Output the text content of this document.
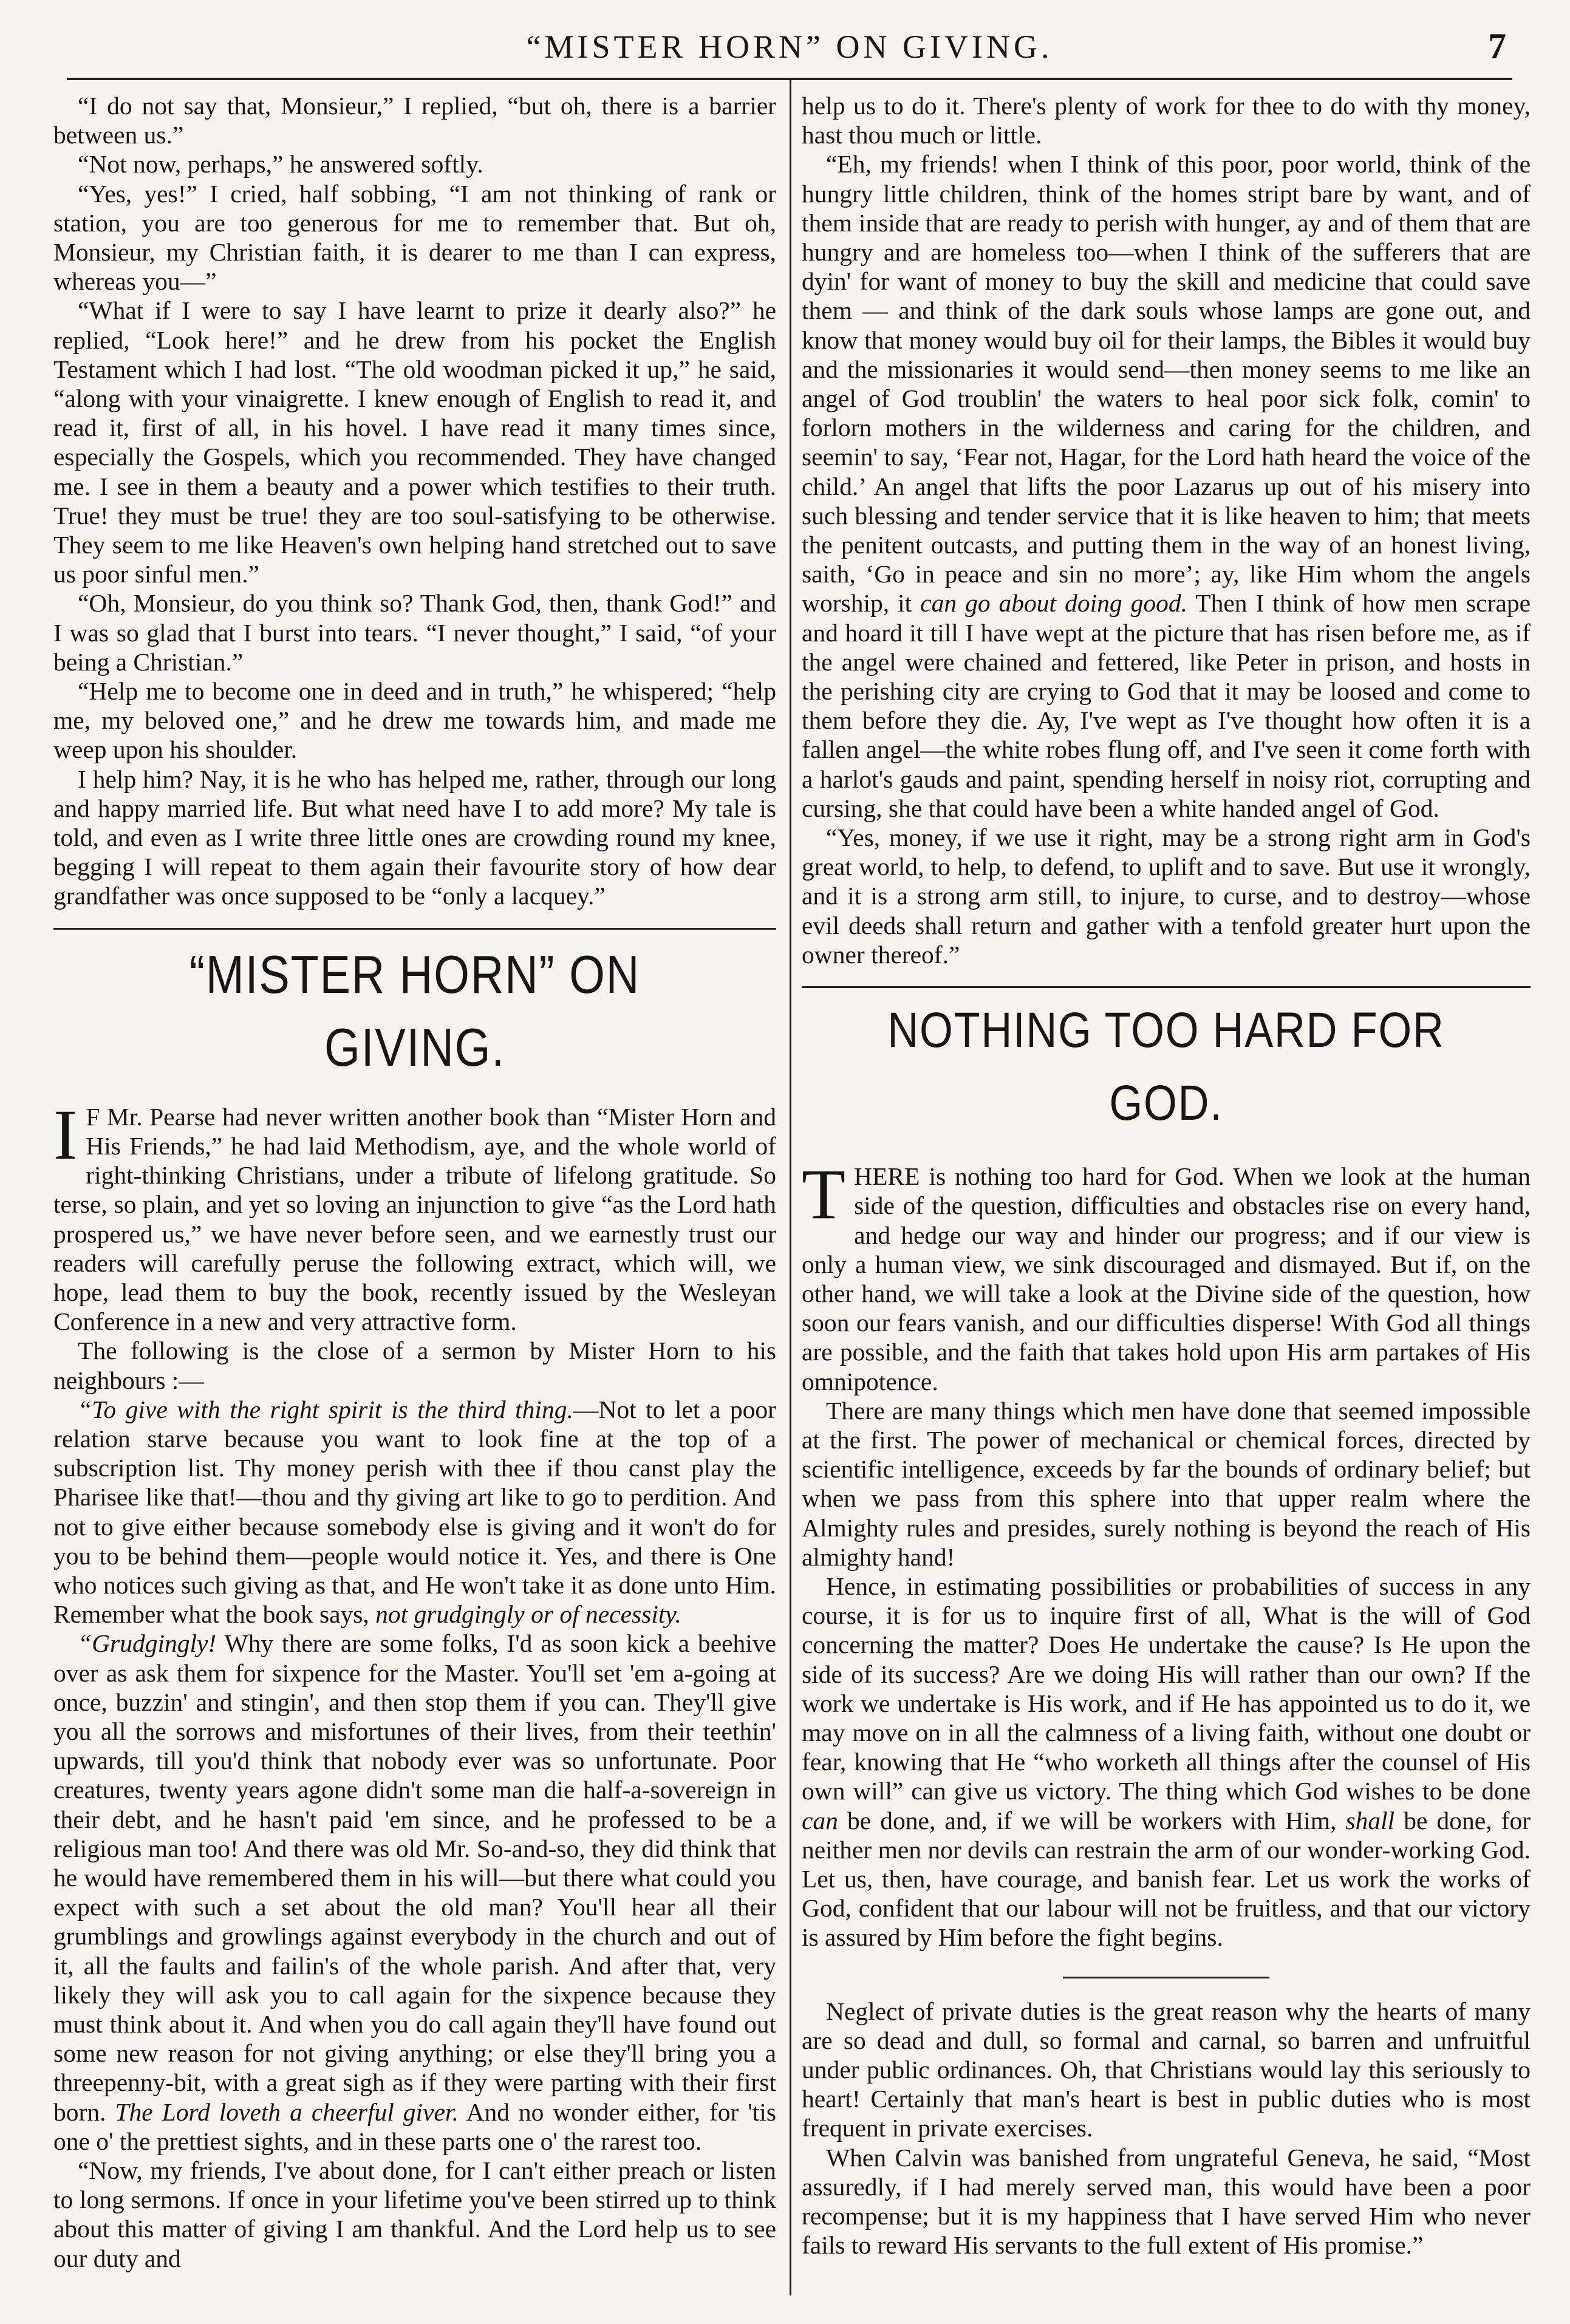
“MISTER HORN” ON GIVING.	7

“I do not say that, Monsieur,” I replied, “but oh, there is a barrier between us.”

“Not now, perhaps,” he answered softly.

“Yes, yes!” I cried, half sobbing, “I am not thinking of rank or station, you are too generous for me to remember that. But oh, Monsieur, my Christian faith, it is dearer to me than I can express, whereas you—”

“What if I were to say I have learnt to prize it dearly also?” he replied, “Look here!” and he drew from his pocket the English Testament which I had lost. “The old woodman picked it up,” he said, “along with your vinaigrette. I knew enough of English to read it, and read it, first of all, in his hovel. I have read it many times since, especially the Gospels, which you recommended. They have changed me. I see in them a beauty and a power which testifies to their truth. True! they must be true! they are too soul-satisfying to be otherwise. They seem to me like Heaven's own helping hand stretched out to save us poor sinful men.”

“Oh, Monsieur, do you think so? Thank God, then, thank God!” and I was so glad that I burst into tears. “I never thought,” I said, “of your being a Christian.”

“Help me to become one in deed and in truth,” he whispered; “help me, my beloved one,” and he drew me towards him, and made me weep upon his shoulder.

I help him? Nay, it is he who has helped me, rather, through our long and happy married life. But what need have I to add more? My tale is told, and even as I write three little ones are crowding round my knee, begging I will repeat to them again their favourite story of how dear grandfather was once supposed to be “only a lacquey.”

“MISTER HORN” ON GIVING.

I F Mr. Pearse had never written another book than “Mister Horn and His Friends,” he had laid Methodism, aye, and the whole world of right-thinking Christians, under a tribute of lifelong gratitude. So terse, so plain, and yet so loving an injunction to give “as the Lord hath prospered us,” we have never before seen, and we earnestly trust our readers will carefully peruse the following extract, which will, we hope, lead them to buy the book, recently issued by the Wesleyan Conference in a new and very attractive form.

The following is the close of a sermon by Mister Horn to his neighbours :—

“To give with the right spirit is the third thing.—Not to let a poor relation starve because you want to look fine at the top of a subscription list. Thy money perish with thee if thou canst play the Pharisee like that!—thou and thy giving art like to go to perdition. And not to give either because somebody else is giving and it won't do for you to be behind them—people would notice it. Yes, and there is One who notices such giving as that, and He won't take it as done unto Him. Remember what the book says, not grudgingly or of necessity.

“Grudgingly! Why there are some folks, I'd as soon kick a beehive over as ask them for sixpence for the Master. You'll set 'em a-going at once, buzzin' and stingin', and then stop them if you can. They'll give you all the sorrows and misfortunes of their lives, from their teethin' upwards, till you'd think that nobody ever was so unfortunate. Poor creatures, twenty years agone didn't some man die half-a-sovereign in their debt, and he hasn't paid 'em since, and he professed to be a religious man too! And there was old Mr. So-and-so, they did think that he would have remembered them in his will—but there what could you expect with such a set about the old man? You'll hear all their grumblings and growlings against everybody in the church and out of it, all the faults and failin's of the whole parish. And after that, very likely they will ask you to call again for the sixpence because they must think about it. And when you do call again they'll have found out some new reason for not giving anything; or else they'll bring you a threepenny-bit, with a great sigh as if they were parting with their first born. The Lord loveth a cheerful giver. And no wonder either, for 'tis one o' the prettiest sights, and in these parts one o' the rarest too.

“Now, my friends, I've about done, for I can't either preach or listen to long sermons. If once in your lifetime you've been stirred up to think about this matter of giving I am thankful. And the Lord help us to see our duty and

help us to do it. There's plenty of work for thee to do with thy money, hast thou much or little.

“Eh, my friends! when I think of this poor, poor world, think of the hungry little children, think of the homes stript bare by want, and of them inside that are ready to perish with hunger, ay and of them that are hungry and are homeless too—when I think of the sufferers that are dyin' for want of money to buy the skill and medicine that could save them — and think of the dark souls whose lamps are gone out, and know that money would buy oil for their lamps, the Bibles it would buy and the missionaries it would send—then money seems to me like an angel of God troublin' the waters to heal poor sick folk, comin' to forlorn mothers in the wilderness and caring for the children, and seemin' to say, ‘Fear not, Hagar, for the Lord hath heard the voice of the child.’ An angel that lifts the poor Lazarus up out of his misery into such blessing and tender service that it is like heaven to him; that meets the penitent outcasts, and putting them in the way of an honest living, saith, ‘Go in peace and sin no more’; ay, like Him whom the angels worship, it can go about doing good. Then I think of how men scrape and hoard it till I have wept at the picture that has risen before me, as if the angel were chained and fettered, like Peter in prison, and hosts in the perishing city are crying to God that it may be loosed and come to them before they die. Ay, I've wept as I've thought how often it is a fallen angel—the white robes flung off, and I've seen it come forth with a harlot's gauds and paint, spending herself in noisy riot, corrupting and cursing, she that could have been a white handed angel of God.

“Yes, money, if we use it right, may be a strong right arm in God's great world, to help, to defend, to uplift and to save. But use it wrongly, and it is a strong arm still, to injure, to curse, and to destroy—whose evil deeds shall return and gather with a tenfold greater hurt upon the owner thereof.”

NOTHING TOO HARD FOR GOD.

THERE is nothing too hard for God. When we look at the human side of the question, difficulties and obstacles rise on every hand, and hedge our way and hinder our progress; and if our view is only a human view, we sink discouraged and dismayed. But if, on the other hand, we will take a look at the Divine side of the question, how soon our fears vanish, and our difficulties disperse! With God all things are possible, and the faith that takes hold upon His arm partakes of His omnipotence.

There are many things which men have done that seemed impossible at the first. The power of mechanical or chemical forces, directed by scientific intelligence, exceeds by far the bounds of ordinary belief; but when we pass from this sphere into that upper realm where the Almighty rules and presides, surely nothing is beyond the reach of His almighty hand!

Hence, in estimating possibilities or probabilities of success in any course, it is for us to inquire first of all, What is the will of God concerning the matter? Does He undertake the cause? Is He upon the side of its success? Are we doing His will rather than our own? If the work we undertake is His work, and if He has appointed us to do it, we may move on in all the calmness of a living faith, without one doubt or fear, knowing that He “who worketh all things after the counsel of His own will” can give us victory. The thing which God wishes to be done can be done, and, if we will be workers with Him, shall be done, for neither men nor devils can restrain the arm of our wonder-working God. Let us, then, have courage, and banish fear. Let us work the works of God, confident that our labour will not be fruitless, and that our victory is assured by Him before the fight begins.

Neglect of private duties is the great reason why the hearts of many are so dead and dull, so formal and carnal, so barren and unfruitful under public ordinances. Oh, that Christians would lay this seriously to heart! Certainly that man's heart is best in public duties who is most frequent in private exercises.

When Calvin was banished from ungrateful Geneva, he said, “Most assuredly, if I had merely served man, this would have been a poor recompense; but it is my happiness that I have served Him who never fails to reward His servants to the full extent of His promise.”
